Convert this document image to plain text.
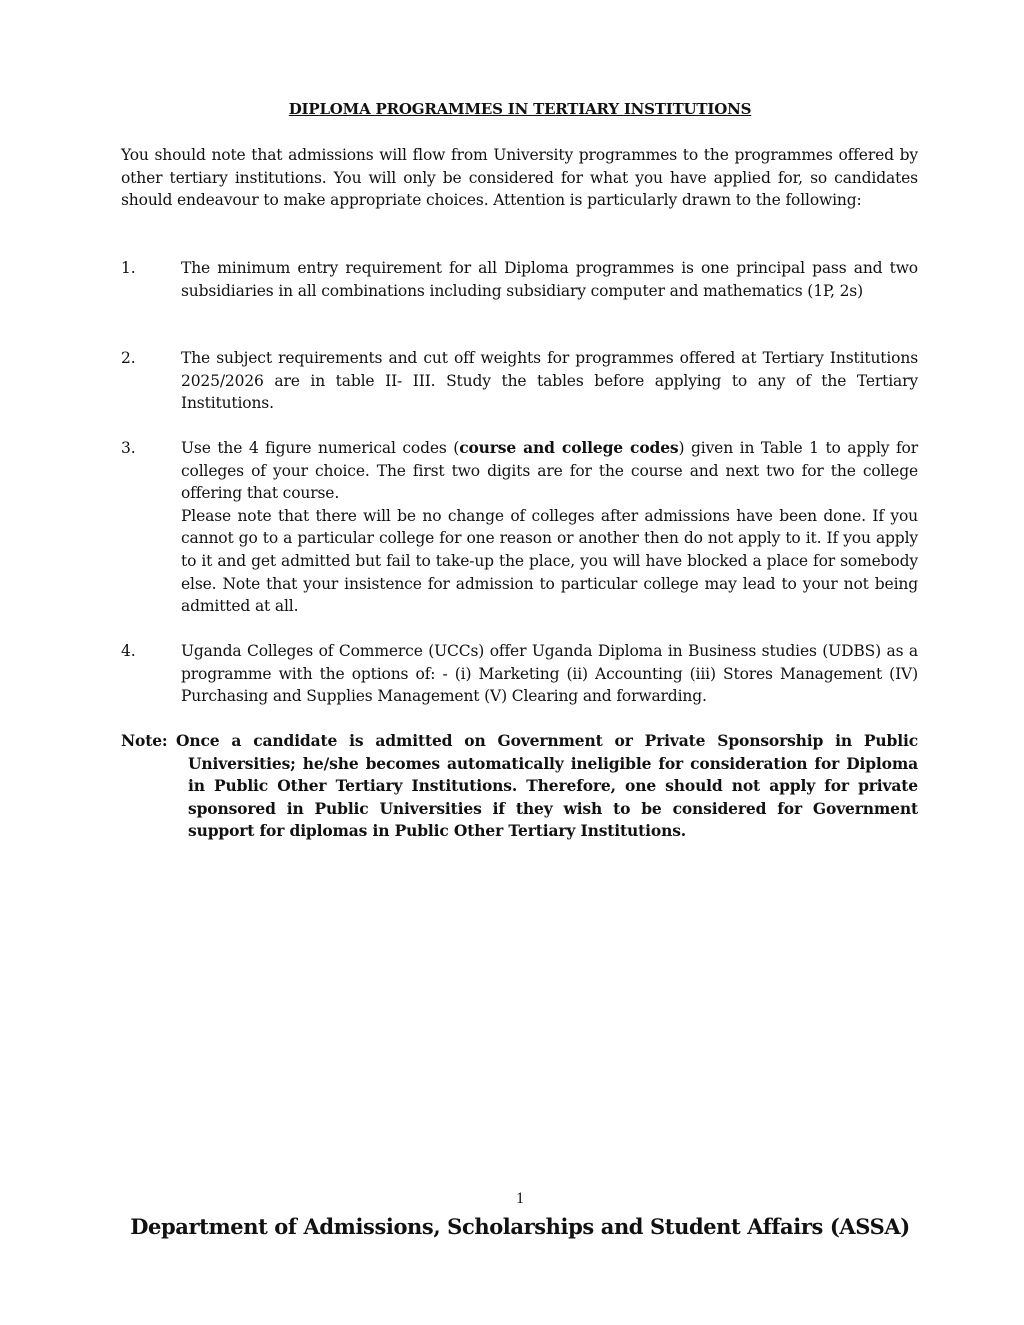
DIPLOMA PROGRAMMES IN TERTIARY INSTITUTIONS
You should note that admissions will flow from University programmes to the programmes offered by other tertiary institutions. You will only be considered for what you have applied for, so candidates should endeavour to make appropriate choices. Attention is particularly drawn to the following:
1.	The minimum entry requirement for all Diploma programmes is one principal pass and two subsidiaries in all combinations including subsidiary computer and mathematics (1P, 2s)
2.	The subject requirements and cut off weights for programmes offered at Tertiary Institutions 2025/2026 are in table II- III. Study the tables before applying to any of the Tertiary Institutions.
3.	Use the 4 figure numerical codes (course and college codes) given in Table 1 to apply for colleges of your choice. The first two digits are for the course and next two for the college offering that course.
Please note that there will be no change of colleges after admissions have been done. If you cannot go to a particular college for one reason or another then do not apply to it. If you apply to it and get admitted but fail to take-up the place, you will have blocked a place for somebody else. Note that your insistence for admission to particular college may lead to your not being admitted at all.
4.	Uganda Colleges of Commerce (UCCs) offer Uganda Diploma in Business studies (UDBS) as a programme with the options of: - (i) Marketing (ii) Accounting (iii) Stores Management (IV) Purchasing and Supplies Management (V) Clearing and forwarding.
Note: Once a candidate is admitted on Government or Private Sponsorship in Public Universities; he/she becomes automatically ineligible for consideration for Diploma in Public Other Tertiary Institutions. Therefore, one should not apply for private sponsored in Public Universities if they wish to be considered for Government support for diplomas in Public Other Tertiary Institutions.
1
Department of Admissions, Scholarships and Student Affairs (ASSA)
